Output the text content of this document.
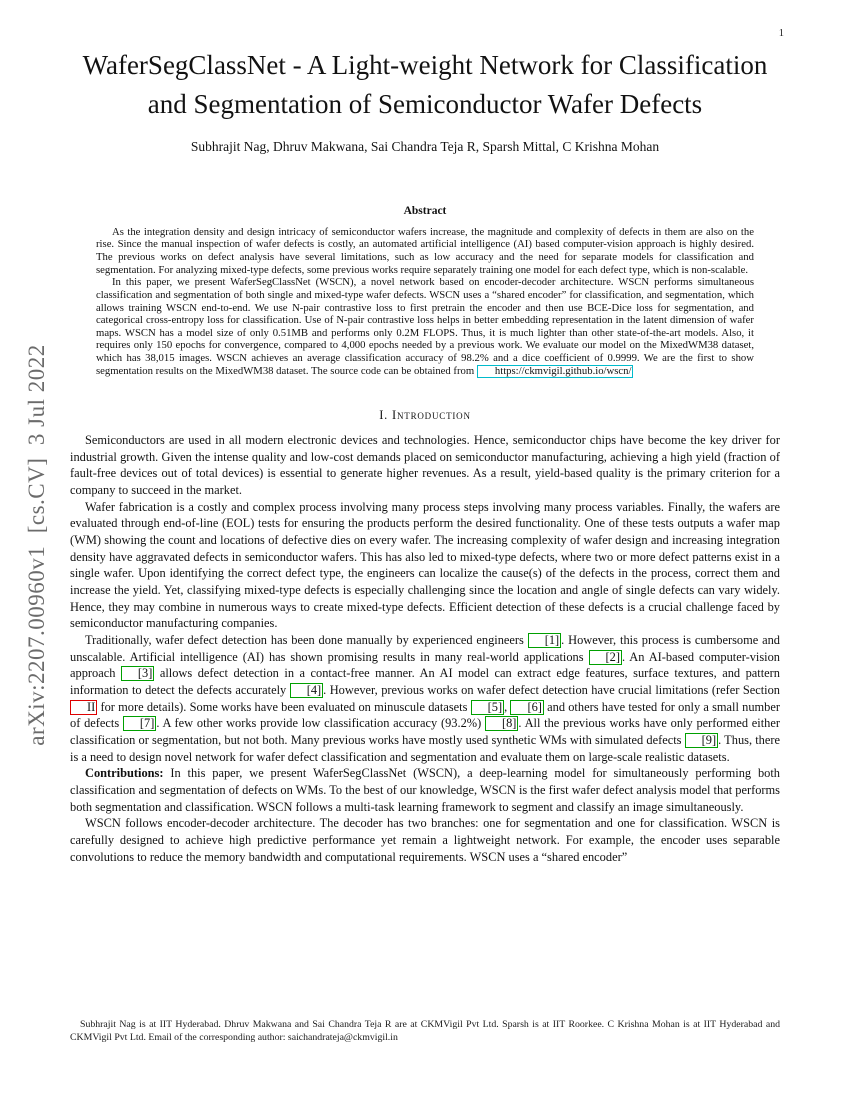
1
arXiv:2207.00960v1  [cs.CV]  3 Jul 2022
WaferSegClassNet - A Light-weight Network for Classification and Segmentation of Semiconductor Wafer Defects
Subhrajit Nag, Dhruv Makwana, Sai Chandra Teja R, Sparsh Mittal, C Krishna Mohan
Abstract

As the integration density and design intricacy of semiconductor wafers increase, the magnitude and complexity of defects in them are also on the rise. Since the manual inspection of wafer defects is costly, an automated artificial intelligence (AI) based computer-vision approach is highly desired. The previous works on defect analysis have several limitations, such as low accuracy and the need for separate models for classification and segmentation. For analyzing mixed-type defects, some previous works require separately training one model for each defect type, which is non-scalable.

In this paper, we present WaferSegClassNet (WSCN), a novel network based on encoder-decoder architecture. WSCN performs simultaneous classification and segmentation of both single and mixed-type wafer defects. WSCN uses a “shared encoder” for classification, and segmentation, which allows training WSCN end-to-end. We use N-pair contrastive loss to first pretrain the encoder and then use BCE-Dice loss for segmentation, and categorical cross-entropy loss for classification. Use of N-pair contrastive loss helps in better embedding representation in the latent dimension of wafer maps. WSCN has a model size of only 0.51MB and performs only 0.2M FLOPS. Thus, it is much lighter than other state-of-the-art models. Also, it requires only 150 epochs for convergence, compared to 4,000 epochs needed by a previous work. We evaluate our model on the MixedWM38 dataset, which has 38,015 images. WSCN achieves an average classification accuracy of 98.2% and a dice coefficient of 0.9999. We are the first to show segmentation results on the MixedWM38 dataset. The source code can be obtained from https://ckmvigil.github.io/wscn/

I. Introduction

Semiconductors are used in all modern electronic devices and technologies. Hence, semiconductor chips have become the key driver for industrial growth. Given the intense quality and low-cost demands placed on semiconductor manufacturing, achieving a high yield (fraction of fault-free devices out of total devices) is essential to generate higher revenues. As a result, yield-based quality is the primary criterion for a company to succeed in the market.

Wafer fabrication is a costly and complex process involving many process steps involving many process variables. Finally, the wafers are evaluated through end-of-line (EOL) tests for ensuring the products perform the desired functionality. One of these tests outputs a wafer map (WM) showing the count and locations of defective dies on every wafer. The increasing complexity of wafer design and increasing integration density have aggravated defects in semiconductor wafers. This has also led to mixed-type defects, where two or more defect patterns exist in a single wafer. Upon identifying the correct defect type, the engineers can localize the cause(s) of the defects in the process, correct them and increase the yield. Yet, classifying mixed-type defects is especially challenging since the location and angle of single defects can vary widely. Hence, they may combine in numerous ways to create mixed-type defects. Efficient detection of these defects is a crucial challenge faced by semiconductor manufacturing companies.

Traditionally, wafer defect detection has been done manually by experienced engineers [1] . However, this process is cumbersome and unscalable. Artificial intelligence (AI) has shown promising results in many real-world applications [2] . An AI-based computer-vision approach [3] allows defect detection in a contact-free manner. An AI model can extract edge features, surface textures, and pattern information to detect the defects accurately [4] . However, previous works on wafer defect detection have crucial limitations (refer Section II for more details). Some works have been evaluated on minuscule datasets [5] , [6] and others have tested for only a small number of defects [7] . A few other works provide low classification accuracy (93.2%) [8] . All the previous works have only performed either classification or segmentation, but not both. Many previous works have mostly used synthetic WMs with simulated defects [9] . Thus, there is a need to design novel network for wafer defect classification and segmentation and evaluate them on large-scale realistic datasets.

Contributions: In this paper, we present WaferSegClassNet (WSCN), a deep-learning model for simultaneously performing both classification and segmentation of defects on WMs. To the best of our knowledge, WSCN is the first wafer defect analysis model that performs both segmentation and classification. WSCN follows a multi-task learning framework to segment and classify an image simultaneously.

WSCN follows encoder-decoder architecture. The decoder has two branches: one for segmentation and one for classification. WSCN is carefully designed to achieve high predictive performance yet remain a lightweight network. For example, the encoder uses separable convolutions to reduce the memory bandwidth and computational requirements. WSCN uses a “shared encoder”

Subhrajit Nag is at IIT Hyderabad. Dhruv Makwana and Sai Chandra Teja R are at CKMVigil Pvt Ltd. Sparsh is at IIT Roorkee. C Krishna Mohan is at IIT Hyderabad and CKMVigil Pvt Ltd. Email of the corresponding author: saichandrateja@ckmvigil.in
